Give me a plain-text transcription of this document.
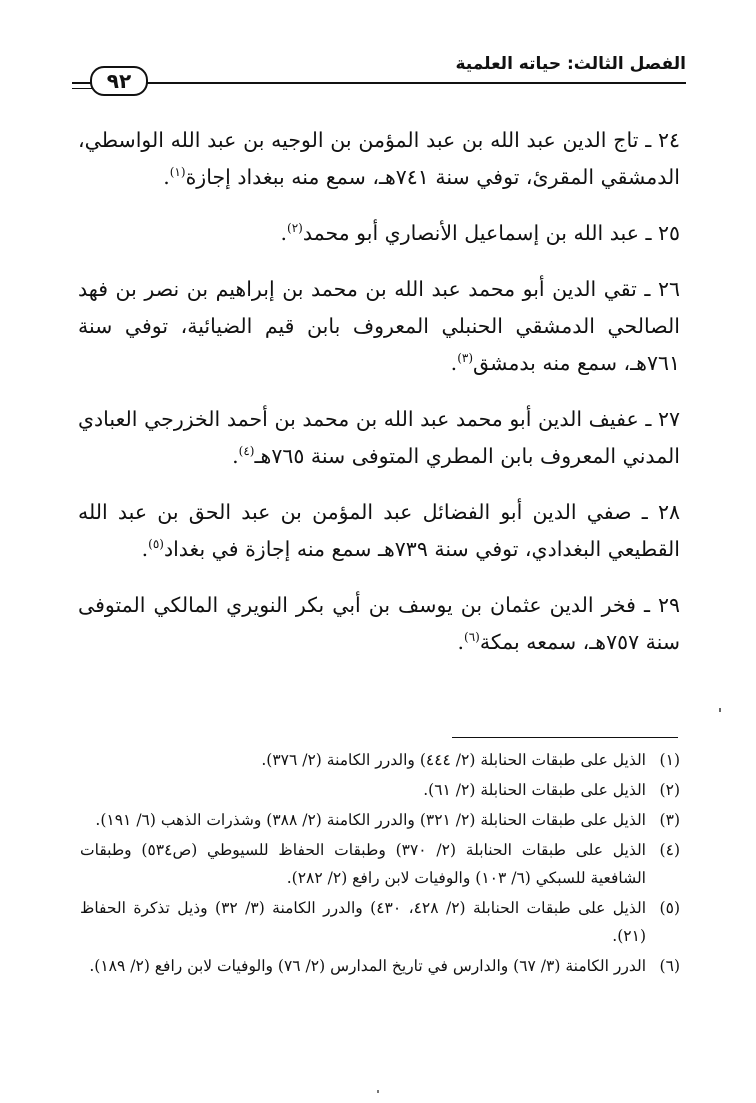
الفصل الثالث: حياته العلمية
٩٢

٢٤ ـ تاج الدين عبد الله بن عبد المؤمن بن الوجيه بن عبد الله الواسطي، الدمشقي المقرئ، توفي سنة ٧٤١هـ، سمع منه ببغداد إجازة$^{(١)}$.

٢٥ ـ عبد الله بن إسماعيل الأنصاري أبو محمد$^{(٢)}$.

٢٦ ـ تقي الدين أبو محمد عبد الله بن محمد بن إبراهيم بن نصر بن فهد الصالحي الدمشقي الحنبلي المعروف بابن قيم الضيائية، توفي سنة ٧٦١هـ، سمع منه بدمشق$^{(٣)}$.

٢٧ ـ عفيف الدين أبو محمد عبد الله بن محمد بن أحمد الخزرجي العبادي المدني المعروف بابن المطري المتوفى سنة ٧٦٥هـ$^{(٤)}$.

٢٨ ـ صفي الدين أبو الفضائل عبد المؤمن بن عبد الحق بن عبد الله القطيعي البغدادي، توفي سنة ٧٣٩هـ سمع منه إجازة في بغداد$^{(٥)}$.

٢٩ ـ فخر الدين عثمان بن يوسف بن أبي بكر النويري المالكي المتوفى سنة ٧٥٧هـ، سمعه بمكة$^{(٦)}$.

(١)
الذيل على طبقات الحنابلة (٢/ ٤٤٤) والدرر الكامنة (٢/ ٣٧٦).
(٢)
الذيل على طبقات الحنابلة (٢/ ٦١).
(٣)
الذيل على طبقات الحنابلة (٢/ ٣٢١) والدرر الكامنة (٢/ ٣٨٨) وشذرات الذهب (٦/ ١٩١).
(٤)
الذيل على طبقات الحنابلة (٢/ ٣٧٠) وطبقات الحفاظ للسيوطي (ص٥٣٤) وطبقات الشافعية للسبكي (٦/ ١٠٣) والوفيات لابن رافع (٢/ ٢٨٢).
(٥)
الذيل على طبقات الحنابلة (٢/ ٤٢٨، ٤٣٠) والدرر الكامنة (٣/ ٣٢) وذيل تذكرة الحفاظ (٢١).
(٦)
الدرر الكامنة (٣/ ٦٧) والدارس في تاريخ المدارس (٢/ ٧٦) والوفيات لابن رافع (٢/ ١٨٩).
